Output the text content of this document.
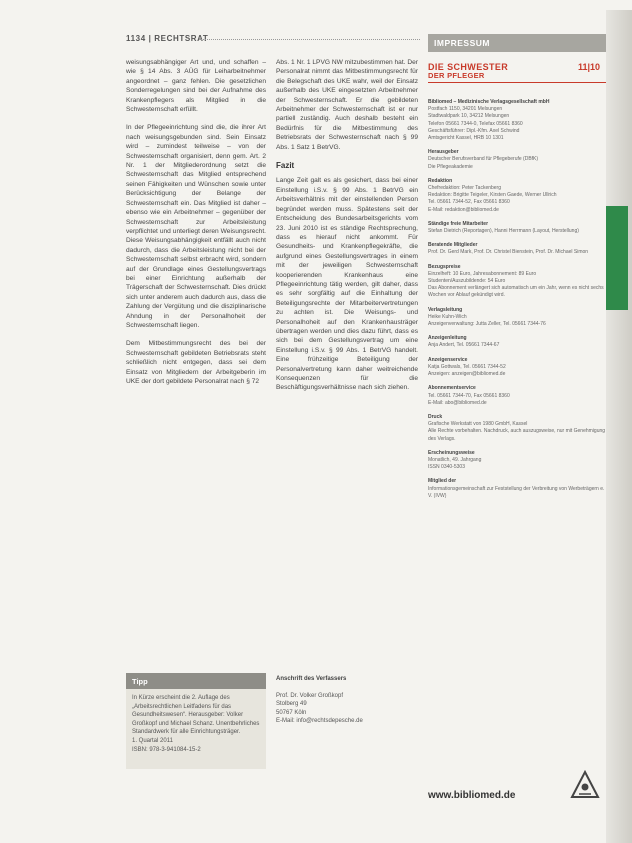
1134 | RECHTSRAT

weisungsabhängiger Art und, und schaffen – wie § 14 Abs. 3 AÜG für Leiharbeitnehmer angeordnet – ganz fehlen. Die gesetzlichen Sonderregelungen sind bei der Aufnahme des Krankenpflegers als Mitglied in die Schwesternschaft erfüllt.

In der Pflegeeinrichtung sind die, die ihrer Art nach weisungsgebunden sind. Sein Einsatz wird – zumindest teilweise – von der Schwesternschaft organisiert, denn gem. Art. 2 Nr. 1 der Mitgliederordnung setzt die Schwesternschaft das Mitglied entsprechend seinen Fähigkeiten und Wünschen sowie unter Berücksichtigung der Belange der Schwesternschaft ein. Das Mitglied ist daher – ebenso wie ein Arbeitnehmer – gegenüber der Schwesternschaft zur Arbeitsleistung verpflichtet und unterliegt deren Weisungsrecht. Diese Weisungsabhängigkeit entfällt auch nicht dadurch, dass die Arbeitsleistung nicht bei der Schwesternschaft selbst erbracht wird, sondern auf der Grundlage eines Gestellungsvertrags bei einer Einrichtung außerhalb der Trägerschaft der Schwesternschaft. Dies drückt sich unter anderem auch dadurch aus, dass die Zahlung der Vergütung und die disziplinarische Ahndung in der Personalhoheit der Schwesternschaft liegen.

Dem Mitbestimmungsrecht des bei der Schwesternschaft gebildeten Betriebsrats steht schließlich nicht entgegen, dass sei dem Einsatz von Mitgliedern der Arbeitgeberin im UKE der dort gebildete Personalrat nach § 72

Abs. 1 Nr. 1 LPVG NW mitzubestimmen hat. Der Personalrat nimmt das Mitbestimmungsrecht für die Belegschaft des UKE wahr, weil der Einsatz außerhalb des UKE eingesetzten Arbeitnehmer der Schwesternschaft. Er die gebildeten Arbeitnehmer der Schwesternschaft ist er nur partiell zuständig. Auch deshalb besteht ein Bedürfnis für die Mitbestimmung des Betriebsrats der Schwesternschaft nach § 99 Abs. 1 Satz 1 BetrVG.

Fazit

Lange Zeit galt es als gesichert, dass bei einer Einstellung i.S.v. § 99 Abs. 1 BetrVG ein Arbeitsverhältnis mit der einstellenden Person begründet werden muss. Spätestens seit der Entscheidung des Bundesarbeitsgerichts vom 23. Juni 2010 ist es ständige Rechtsprechung, dass es hierauf nicht ankommt. Für Gesundheits- und Krankenpflegekräfte, die aufgrund eines Gestellungsvertrages in einem mit der jeweiligen Schwesternschaft kooperierenden Krankenhaus eine Pflegeeinrichtung tätig werden, gilt daher, dass es sehr sorgfältig auf die Einhaltung der Beteiligungsrechte der Mitarbeitervertretungen zu achten ist. Die Weisungs- und Personalhoheit auf den Krankenhausträger übertragen werden und dies dazu führt, dass es sich bei dem Gestellungsvertrag um eine Einstellung i.S.v. § 99 Abs. 1 BetrVG handelt. Eine frühzeitige Beteiligung der Personalvertretung kann daher weitreichende Konsequenzen für die Beschäftigungsverhältnisse nach sich ziehen.

Tipp
In Kürze erscheint die 2. Auflage des „Arbeitsrechtlichen Leitfadens für das Gesundheitswesen“. Herausgeber: Volker Großkopf und Michael Schanz. Unentbehrliches Standardwerk für alle Einrichtungsträger.
1. Quartal 2011
ISBN: 978-3-941084-15-2
Anschrift des Verfassers
Prof. Dr. Volker Großkopf
Stolberg 49
50767 Köln
E-Mail: info@rechtsdepesche.de
IMPRESSUM
DIE SCHWESTER
DER PFLEGER
11|10
Bibliomed – Medizinische Verlagsgesellschaft mbH
Postfach 1150, 34201 Melsungen
Stadtwaldpark 10, 34212 Melsungen
Telefon 05661 7344-0, Telefax 05661 8360
Geschäftsführer: Dipl.-Kfm. Axel Schwind
Amtsgericht Kassel, HRB 10 1301
Herausgeber
Deutscher Berufsverband für Pflegeberufe (DBfK)
Die Pflegeakademie
Redaktion
Chefredaktion: Peter Tackenberg
Redaktion: Brigitte Teigeler, Kirsten Gaede, Werner Ullrich
Tel. 05661 7344-52, Fax 05661 8360
E-Mail: redaktion@bibliomed.de
Ständige freie Mitarbeiter
Stefan Dietrich (Reportagen), Hanni Herrmann (Layout, Herstellung)
Beratende Mitglieder
Prof. Dr. Gerd Mark, Prof. Dr. Christel Bienstein, Prof. Dr. Michael Simon
Bezugspreise
Einzelheft: 10 Euro, Jahresabonnement: 89 Euro
Studenten/Auszubildende: 54 Euro
Das Abonnement verlängert sich automatisch um ein Jahr, wenn es nicht sechs Wochen vor Ablauf gekündigt wird.
Verlagsleitung
Heike Kuhn-Wich
Anzeigenverwaltung: Jutta Zeller, Tel. 05661 7344-76
Anzeigenleitung
Anja Andert, Tel. 05661 7344-67
Anzeigenservice
Katja Gottwals, Tel. 05661 7344-52
Anzeigen: anzeigen@bibliomed.de
Abonnementservice
Tel. 05661 7344-70, Fax 05661 8360
E-Mail: abo@bibliomed.de
Druck
Grafische Werkstatt von 1980 GmbH, Kassel
Alle Rechte vorbehalten. Nachdruck, auch auszugsweise, nur mit Genehmigung des Verlags.
Erscheinungsweise
Monatlich, 49. Jahrgang
ISSN 0340-5303
Mitglied der
Informationsgemeinschaft zur Feststellung der Verbreitung von Werbeträgern e. V. (IVW)
www.bibliomed.de
